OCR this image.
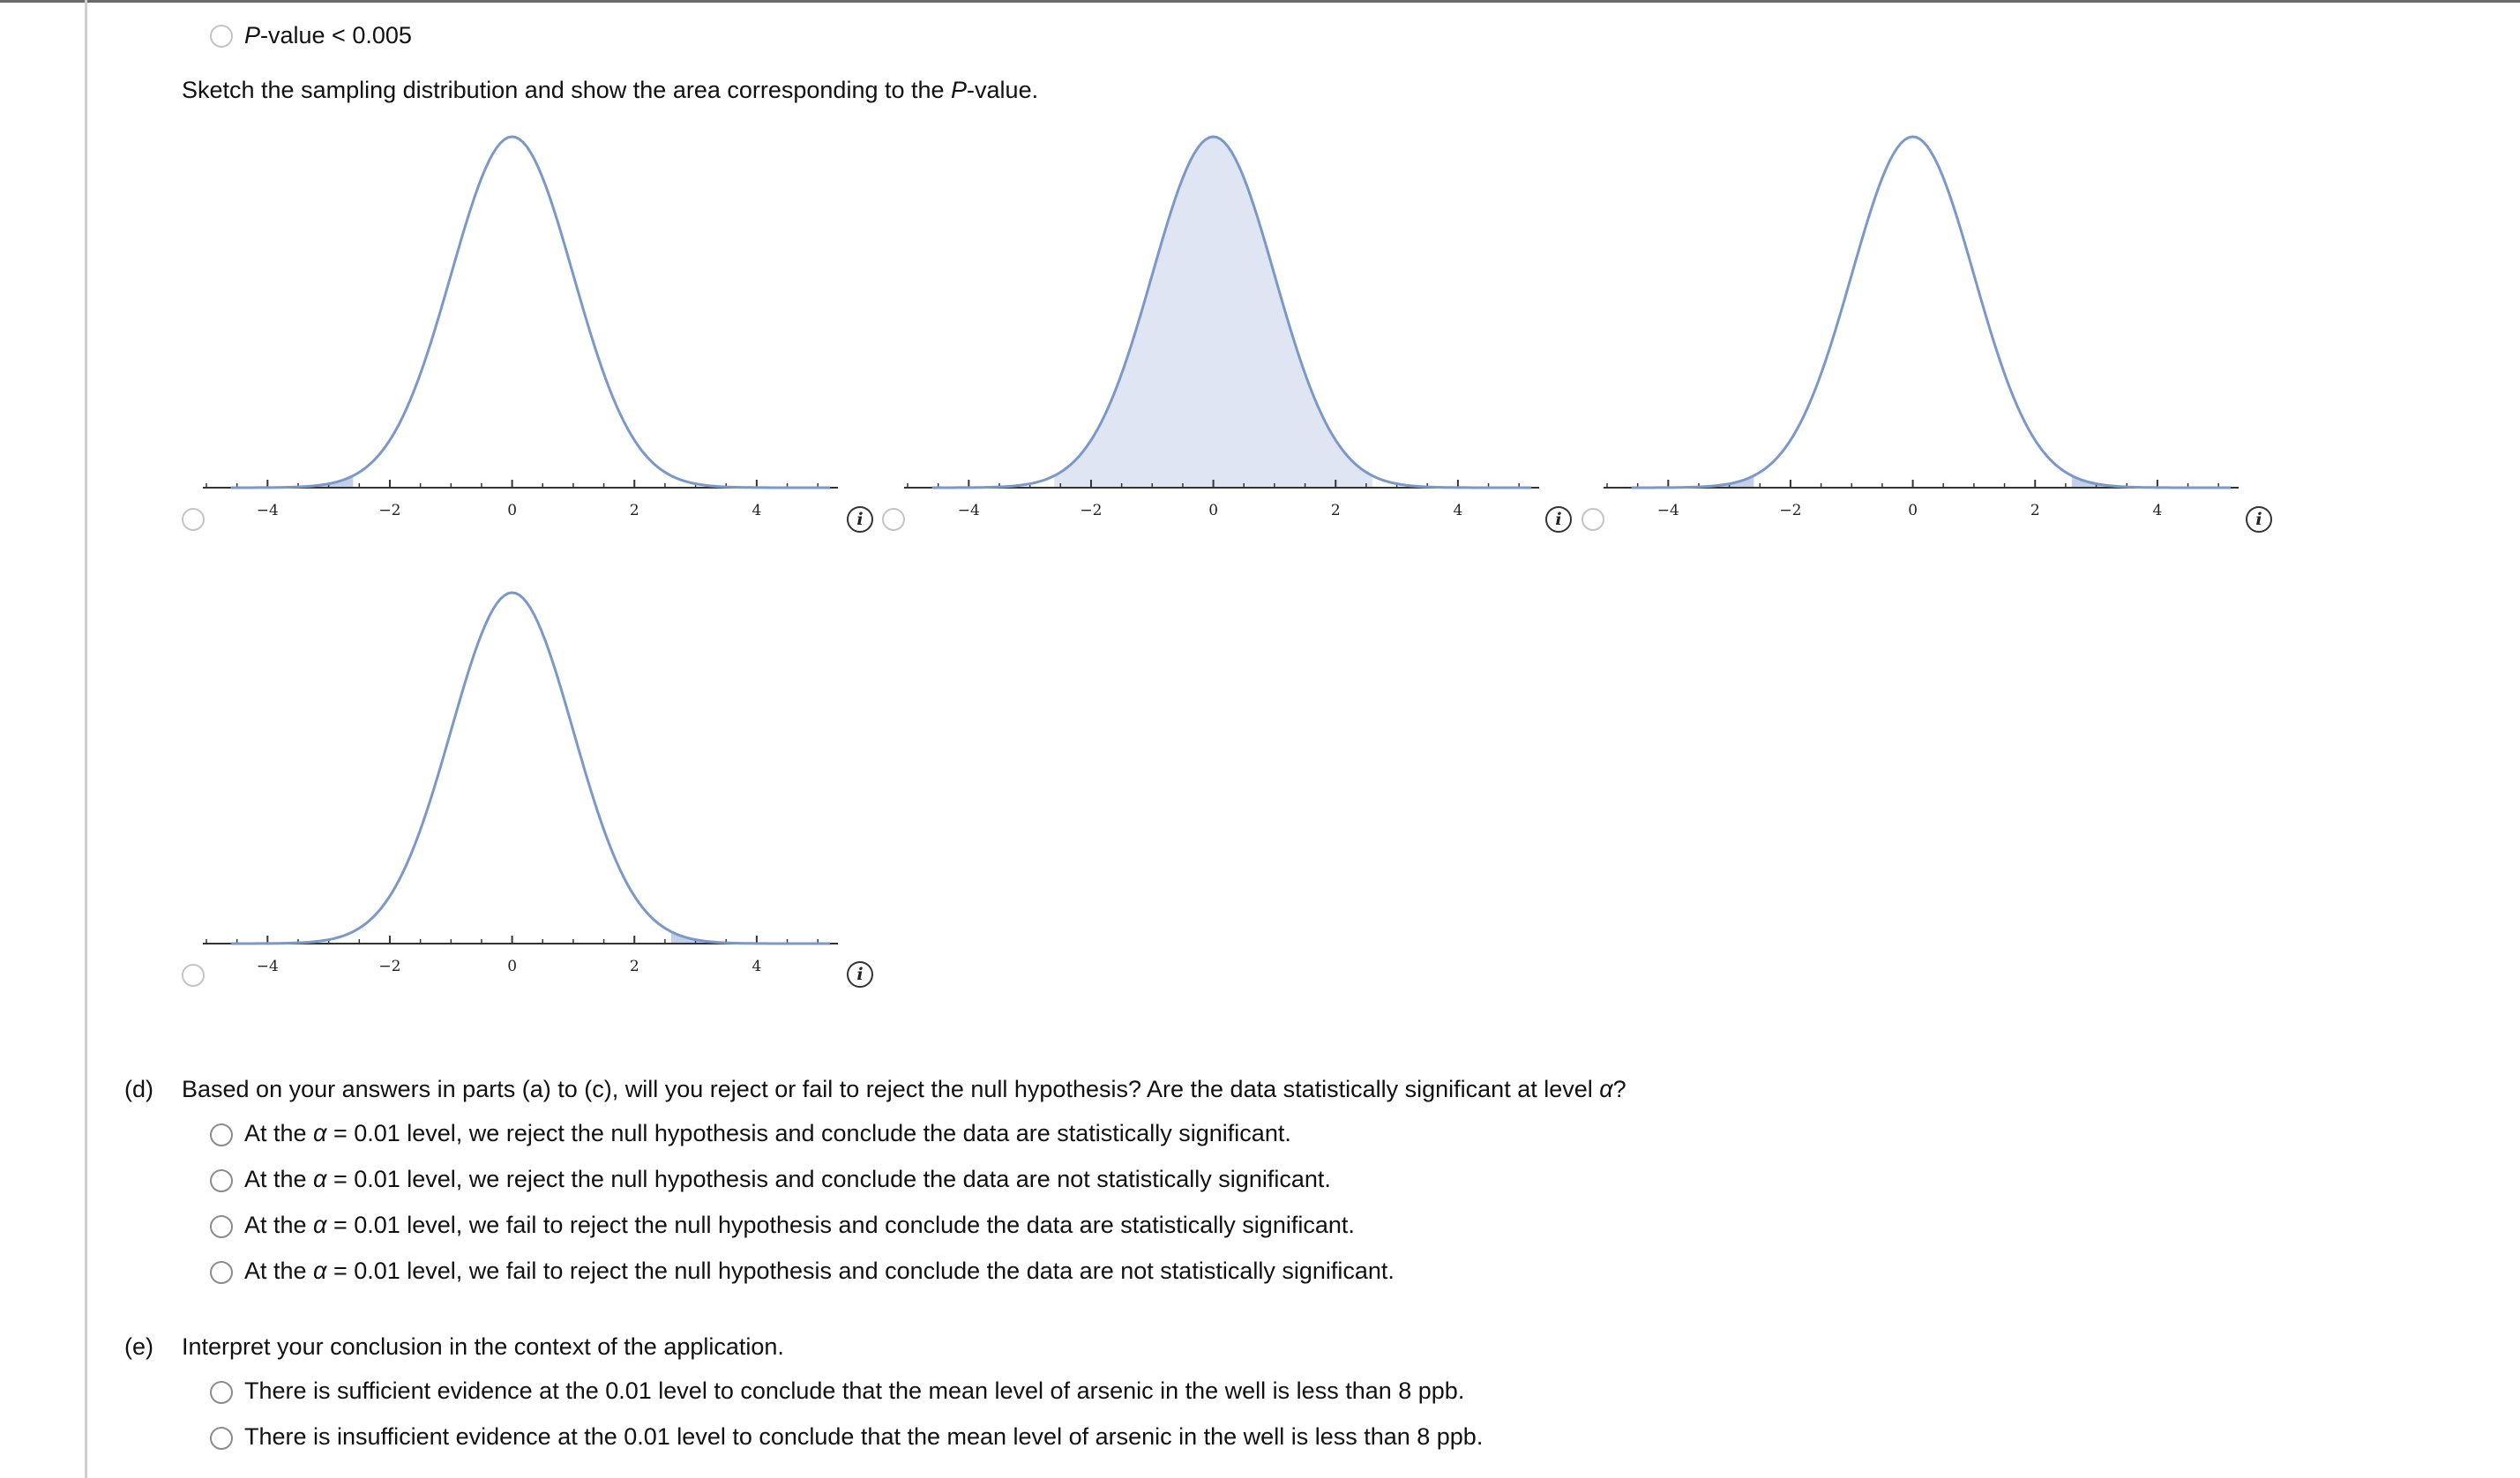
P-value < 0.005
Sketch the sampling distribution and show the area corresponding to the P-value.
−4	−2	0	2	4	i	−4	−2	0	2	4	i	−4	−2	0	2	4	i
−4	−2	0	2	4	i
(d) Based on your answers in parts (a) to (c), will you reject or fail to reject the null hypothesis? Are the data statistically significant at level α?
At the α = 0.01 level, we reject the null hypothesis and conclude the data are statistically significant.
At the α = 0.01 level, we reject the null hypothesis and conclude the data are not statistically significant.
At the α = 0.01 level, we fail to reject the null hypothesis and conclude the data are statistically significant.
At the α = 0.01 level, we fail to reject the null hypothesis and conclude the data are not statistically significant.
(e) Interpret your conclusion in the context of the application.
There is sufficient evidence at the 0.01 level to conclude that the mean level of arsenic in the well is less than 8 ppb.
There is insufficient evidence at the 0.01 level to conclude that the mean level of arsenic in the well is less than 8 ppb.
